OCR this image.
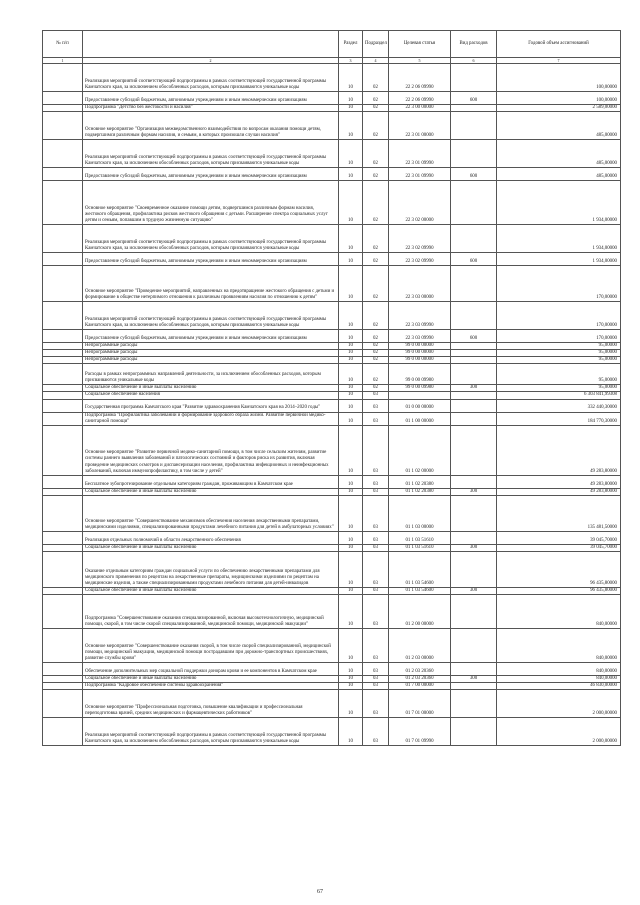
№ п/п		Раздел	Подраздел	Целевая статья	Вид расходов	Годовой объем ассигнований
1	2	3	4	5	6	7
	Реализация мероприятий соответствующей подпрограммы в рамках соответствующей государственной программы Камчатского края, за исключением обособленных расходов, которым присваиваются уникальные коды	10	02	22 2 06 09990		100,00000
	Предоставление субсидий бюджетным, автономным учреждениям и иным некоммерческим организациям	10	02	22 2 06 09990	600	100,00000
	Подпрограмма "Детство без жестокости и насилия"	10	02	22 3 00 00000		2 589,00000
	Основное мероприятие "Организация межведомственного взаимодействия по вопросам оказания помощи детям, подвергшимся различным формам насилия, и семьям, в которых произошли случаи насилия"	10	02	22 3 01 00000		485,00000
	Реализация мероприятий соответствующей подпрограммы в рамках соответствующей государственной программы Камчатского края, за исключением обособленных расходов, которым присваиваются уникальные коды	10	02	22 3 01 09990		485,00000
	Предоставление субсидий бюджетным, автономным учреждениям и иным некоммерческим организациям	10	02	22 3 01 09990	600	485,00000
	Основное мероприятие "Своевременное оказание помощи детям, подвергшимся различным формам насилия, жестокого обращения, профилактика рисков жестокого обращения с детьми. Расширение спектра социальных услуг детям и семьям, попавшим в трудную жизненную ситуацию"	10	02	22 3 02 00000		1 934,00000
	Реализация мероприятий соответствующей подпрограммы в рамках соответствующей государственной программы Камчатского края, за исключением обособленных расходов, которым присваиваются уникальные коды	10	02	22 3 02 09990		1 934,00000
	Предоставление субсидий бюджетным, автономным учреждениям и иным некоммерческим организациям	10	02	22 3 02 09990	600	1 934,00000
	Основное мероприятие "Проведение мероприятий, направленных на предотвращение жестокого обращения с детьми и формирование в обществе нетерпимого отношения к различным проявлениям насилия по отношению к детям"	10	02	22 3 03 00000		170,00000
	Реализация мероприятий соответствующей подпрограммы в рамках соответствующей государственной программы Камчатского края, за исключением обособленных расходов, которым присваиваются уникальные коды	10	02	22 3 03 09990		170,00000
	Предоставление субсидий бюджетным, автономным учреждениям и иным некоммерческим организациям	10	02	22 3 03 09990	600	170,00000
	Непрограммные расходы	10	02	99 0 00 00000		95,00000
	Непрограммные расходы	10	02	99 0 00 00000		95,00000
	Непрограммные расходы	10	02	99 0 00 00000		95,00000
	Расходы в рамках непрограммных направлений деятельности, за исключением обособленных расходов, которым присваиваются уникальные коды	10	02	99 0 00 09980		95,00000
	Социальное обеспечение и иные выплаты населению	10	02	99 0 00 09980	300	95,00000
	Социальное обеспечение населения	10	03			6 303 841,99308
	Государственная программа Камчатского края "Развитие здравоохранения Камчатского края на 2014–2020 годы"	10	03	01 0 00 00000		332 440,30000
	Подпрограмма "Профилактика заболеваний и формирование здорового образа жизни. Развитие первичной медико-санитарной помощи"	10	03	01 1 00 00000		184 770,30000
	Основное мероприятие "Развитие первичной медико-санитарной помощи, в том числе сельским жителям, развитие системы раннего выявления заболеваний и патологических состояний и факторов риска их развития, включая проведение медицинских осмотров и диспансеризации населения, профилактика инфекционных и неинфекционных заболеваний, включая иммунопрофилактику, в том числе у детей"	10	03	01 1 02 00000		49 283,80000
	Бесплатное зубопротезирование отдельным категориям граждан, проживающим в Камчатском крае	10	03	01 1 02 20380		49 283,80000
	Социальное обеспечение и иные выплаты населению	10	03	01 1 02 20380	300	49 283,80000
	Основное мероприятие "Совершенствование механизмов обеспечения населения лекарственными препаратами, медицинскими изделиями, специализированными продуктами лечебного питания для детей в амбулаторных условиях"	10	03	01 1 03 00000		135 481,50000
	Реализация отдельных полномочий в области лекарственного обеспечения	10	03	01 1 03 51610		39 045,70000
	Социальное обеспечение и иные выплаты населению	10	03	01 1 03 51610	300	39 045,70000
	Оказание отдельным категориям граждан социальной услуги по обеспечению лекарственными препаратами для медицинского применения по рецептам на лекарственные препараты, медицинскими изделиями по рецептам на медицинские изделия, а также специализированными продуктами лечебного питания для детей-инвалидов	10	03	01 1 03 54600		96 435,80000
	Социальное обеспечение и иные выплаты населению	10	03	01 1 03 54600	300	96 435,80000
	Подпрограмма "Совершенствование оказания специализированной, включая высокотехнологичную, медицинской помощи, скорой, в том числе скорой специализированной, медицинской помощи, медицинской эвакуации"	10	03	01 2 00 00000		840,00000
	Основное мероприятие "Совершенствование оказания скорой, в том числе скорой специализированной, медицинской помощи, медицинской эвакуации, медицинской помощи пострадавшим при дорожно-транспортных происшествиях, развитие службы крови"	10	03	01 2 03 00000		840,00000
	Обеспечение дополнительных мер социальной поддержки донорам крови и ее компонентов в Камчатском крае	10	03	01 2 03 20360		840,00000
	Социальное обеспечение и иные выплаты населению	10	03	01 2 03 20360	300	840,00000
	Подпрограмма "Кадровое обеспечение системы здравоохранения"	10	03	01 7 00 00000		46 830,00000
	Основное мероприятие "Профессиональная подготовка, повышение квалификации и профессиональная переподготовка врачей, средних медицинских и фармацевтических работников"	10	03	01 7 01 00000		2 000,00000
	Реализация мероприятий соответствующей подпрограммы в рамках соответствующей государственной программы Камчатского края, за исключением обособленных расходов, которым присваиваются уникальные коды	10	03	01 7 01 09990		2 000,00000
67
